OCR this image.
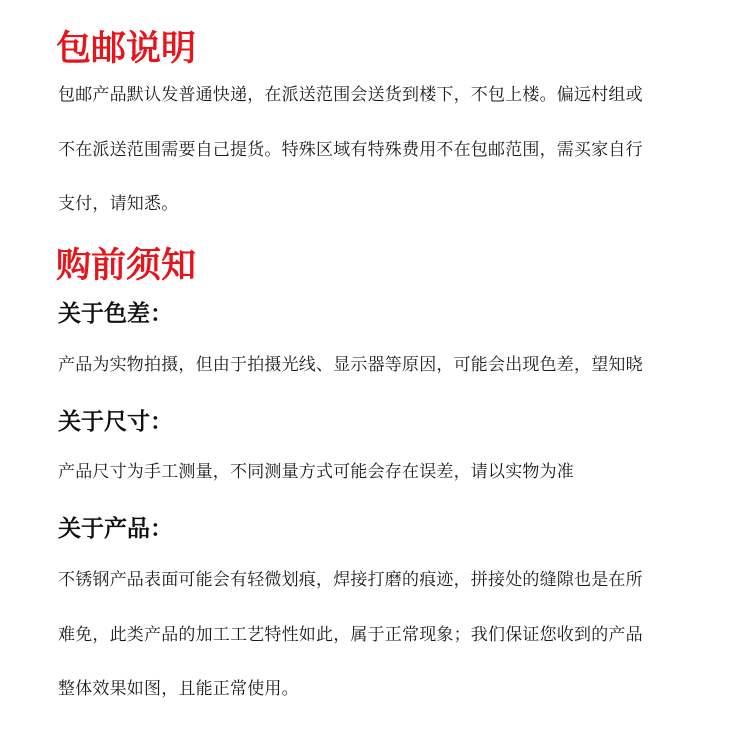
包邮说明

包邮产品默认发普通快递，在派送范围会送货到楼下，不包上楼。偏远村组或

不在派送范围需要自己提货。特殊区域有特殊费用不在包邮范围，需买家自行

支付，请知悉。

购前须知
关于色差：

产品为实物拍摄，但由于拍摄光线、显示器等原因，可能会出现色差，望知晓

关于尺寸：

产品尺寸为手工测量，不同测量方式可能会存在误差，请以实物为准

关于产品：

不锈钢产品表面可能会有轻微划痕，焊接打磨的痕迹，拼接处的缝隙也是在所

难免，此类产品的加工工艺特性如此，属于正常现象；我们保证您收到的产品

整体效果如图，且能正常使用。
